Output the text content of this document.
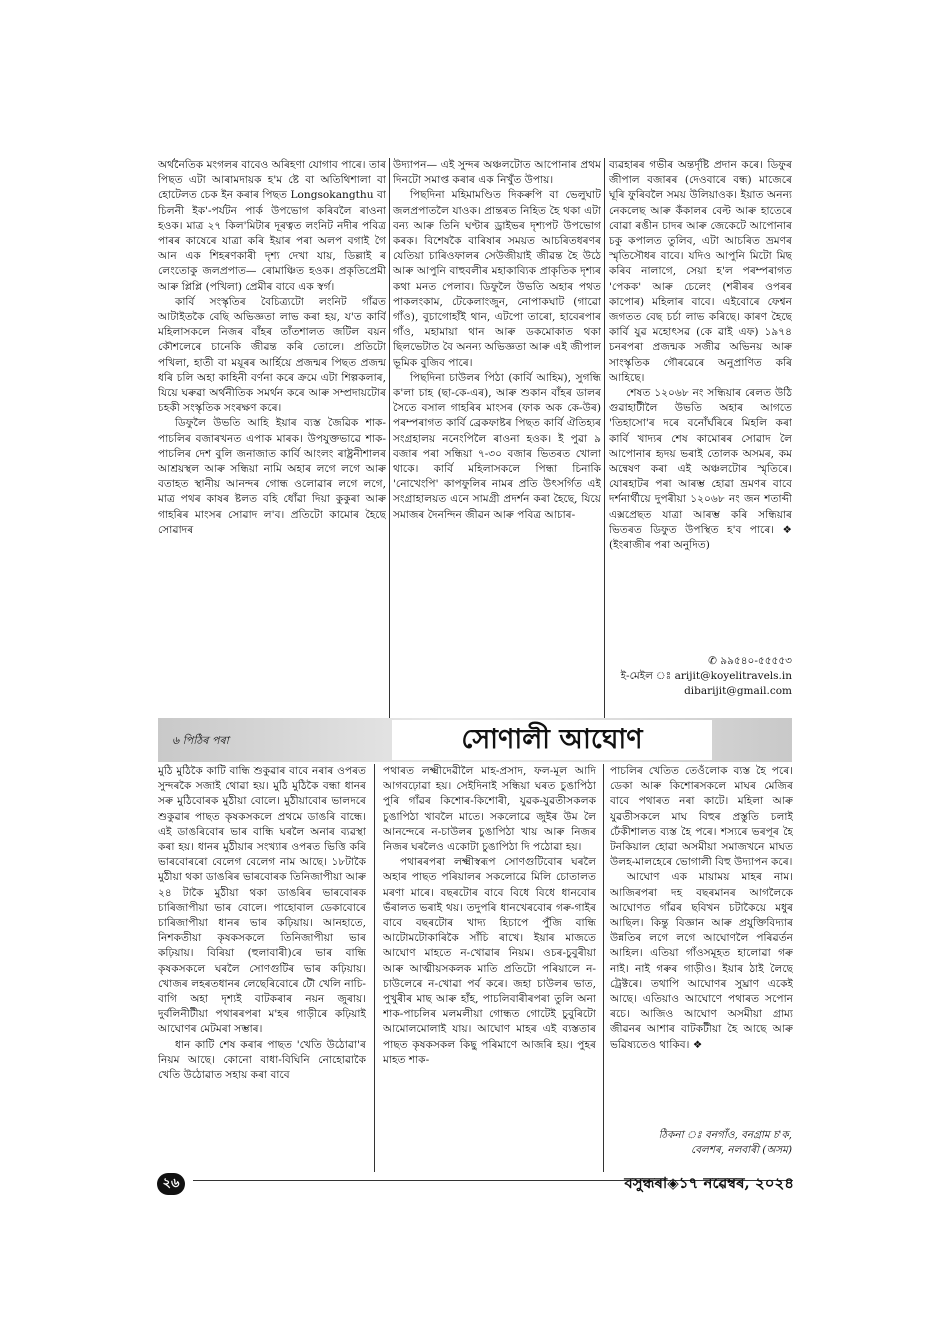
অৰ্থনৈতিক মংগলৰ বাবেও অৰিহণা যোগাব পাৰে। তাৰ পিছত এটা আৰামদায়ক হ'ম ষ্টে বা অতিথিশালা বা হোটেলত চেক ইন কৰাৰ পিছত Longsokangthu বা চিলনী ইক'-পৰ্যটন পাৰ্ক উপভোগ কৰিবলৈ ৰাওনা হওক। মাত্ৰ ২৭ কিল'মিটাৰ দূৰত্বত লংনিট নদীৰ পবিত্ৰ পাৰৰ কাষেৰে যাত্ৰা কৰি ইয়াৰ পৰা অলপ বগাই গৈ আন এক শিহৰণকাৰী দৃশ্য দেখা যায়, ডিল্লাই ৰ লেংতোকু জলপ্ৰপাত— ৰোমাঞ্চিত হওক। প্ৰকৃতিপ্ৰেমী আৰু প্লিপ্লি (পখিলা) প্ৰেমীৰ বাবে এক স্বৰ্গ।

কাৰ্বি সংস্কৃতিৰ বৈচিত্ৰ্যটো লংনিট গাঁৱত আটাইতকৈ বেছি অভিজ্ঞতা লাভ কৰা হয়, য'ত কাৰ্বি মহিলাসকলে নিজৰ বাঁহৰ তাঁতশালত জটিল বয়ন কৌশলেৰে চানেকি জীৱন্ত কৰি তোলে। প্ৰতিটো পখিলা, হাতী বা ময়ূৰৰ আৰ্হিয়ে প্ৰজন্মৰ পিছত প্ৰজন্ম ধৰি চলি অহা কাহিনী বৰ্ণনা কৰে ক্ৰমে এটা শিল্পকলাৰ, যিয়ে ঘৰুৱা অৰ্থনীতিক সমৰ্থন কৰে আৰু সম্প্ৰদায়টোৰ চহকী সংস্কৃতিক সংৰক্ষণ কৰে।

ডিফুলৈ উভতি আহি ইয়াৰ ব্যস্ত জৈৱিক শাক-পাচলিৰ বজাৰখনত এপাক মাৰক। উপযুক্তভাৱে শাক-পাচলিৰ দেশ বুলি জনাজাত কাৰ্বি আংলং ৰাষ্ট্ৰনীশালৰ আশ্ৰয়স্থল আৰু সন্ধিয়া নামি অহাৰ লগে লগে আৰু বতাহত স্থানীয় আনন্দৰ গোন্ধ ওলোৱাৰ লগে লগে, মাত্ৰ পথৰ কাষৰ ষ্টলত বহি ধোঁৱা দিয়া কুকুৰা আৰু গাহৰিৰ মাংসৰ সোৱাদ ল'ব। প্ৰতিটো কামোৰ হৈছে সোৱাদৰ

উদ্যাপন— এই সুন্দৰ অঞ্চলটোত আপোনাৰ প্ৰথম দিনটো সমাপ্ত কৰাৰ এক নিখুঁত উপায়।

পিছদিনা মহিমামণ্ডিত দিকৰুপি বা ভেলুঘাট জলপ্ৰপাতলৈ যাওক। প্ৰান্তৰত নিহিত হৈ থকা এটা বন্য আৰু তিনি ঘণ্টাৰ ড্ৰাইভৰ দৃশ্যপট উপভোগ কৰক। বিশেষকৈ বাৰিষাৰ সময়ত আচৰিতধৰণৰ যেতিয়া চাৰিওফালৰ সেউজীয়াই জীৱন্ত হৈ উঠে আৰু আপুনি বাহুবলীৰ মহাকাব্যিক প্ৰাকৃতিক দৃশ্যৰ কথা মনত পেলাব। ডিফুলৈ উভতি অহাৰ পথত পাকলংকাম, টেকেলাংজুন, নোপাকঘাট (গাৱো গাঁও), বুচাগোহাঁই থান, এটপো তাৰো, হাবেৰপাৰ গাঁও, মহামায়া থান আৰু ডকমোকাত থকা ছিলভেটাত বৈ অনন্য অভিজ্ঞতা আৰু এই জীপাল ভূমিক বুজিব পাৰে।

পিছদিনা চাউলৰ পিঠা (কাৰ্বি আহিম), সুগন্ধি ক'লা চাহ (ছা-কে-এৰ), আৰু শুকান বাঁহৰ ডালৰ সৈতে বসাল গাহৰিৰ মাংসৰ (ফাক অক কে-উৰ) পৰম্পৰাগত কাৰ্বি ব্ৰেকফাষ্টৰ পিছত কাৰ্বি ঐতিহ্যৰ সংগ্ৰহালয় ননেংপিলৈ ৰাওনা হওক। ই পুৱা ৯ বজাৰ পৰা সন্ধিয়া ৭-৩০ বজাৰ ভিতৰত খোলা থাকে। কাৰ্বি মহিলাসকলে পিন্ধা চিনাকি 'নোখেংপি' কাপফুলিৰ নামৰ প্ৰতি উৎসৰ্গিত এই সংগ্ৰাহালয়ত এনে সামগ্ৰী প্ৰদৰ্শন কৰা হৈছে, যিয়ে সমাজৰ দৈনন্দিন জীৱন আৰু পবিত্ৰ আচাৰ-

ব্যৱহাৰৰ গভীৰ অন্তৰ্দৃষ্টি প্ৰদান কৰে। ডিফুৰ জীপাল বজাৰৰ (দেওবাৰে বন্ধ) মাজেৰে ঘূৰি ফুৰিবলৈ সময় উলিয়াওক। ইয়াত অনন্য নেকলেছ আৰু কঁকালৰ বেল্ট আৰু হাতেৰে বোৱা ৰঙীন চাদৰ আৰু জেকেটে আপোনাৰ চকু কপালত তুলিব, এটা আচৰিত ভ্ৰমণৰ স্মৃতিসৌধৰ বাবে। যদিও আপুনি মিটো মিছ কৰিব নালাগে, সেয়া হ'ল পৰম্পৰাগত 'পেকক' আৰু চেলেং (শৰীৰৰ ওপৰৰ কাপোৰ) মহিলাৰ বাবে। এইবোৰে ফেশ্বন জগতত বেছ চৰ্চা লাভ কৰিছে। কাৰণ হৈছে কাৰ্বি যুৱ মহোৎসৱ (কে ৱাই এফ) ১৯৭৪ চনৰপৰা প্ৰজন্মক সজীৱ অভিনয় আৰু সাংস্কৃতিক গৌৰৱেৰে অনুপ্ৰাণিত কৰি আহিছে।

শেষত ১২০৬৮ নং সন্ধিয়াৰ ৰেলত উঠি গুৱাহাটীলৈ উভতি অহাৰ আগতে 'তিহাসো'ৰ দৰে বনোঁৰ্ঘৰিৰে মিহলি কৰা কাৰ্বি খাদ্যৰ শেষ কামোৰৰ সোৱাদ লৈ আপোনাৰ হৃদয় ভৰাই তোলক অসমৰ, কম অন্বেষণ কৰা এই অঞ্চলটোৰ স্মৃতিৰে। যোৰহাটৰ পৰা আৰম্ভ হোৱা ভ্ৰমণৰ বাবে দৰ্শনাৰ্থীয়ে দুপৰীয়া ১২০৬৮ নং জন শতাব্দী এক্সপ্ৰেছত যাত্ৰা আৰম্ভ কৰি সন্ধিয়াৰ ভিতৰত ডিফুত উপস্থিত হ'ব পাৰে। ❖ (ইংৰাজীৰ পৰা অনুদিত)

✆ ৯৯৫৪০-৫৫৫৫৩
ই-মেইল ঃ arijit@koyelitravels.in
dibarijit@gmail.com
৬ পিঠিৰ পৰা	সোণালী আঘোণ

মুঠি মুঠিকৈ কাটি বান্ধি শুকুৱাৰ বাবে নৰাৰ ওপৰত সুন্দৰকৈ সজাই থোৱা হয়। মুঠি মুঠিকৈ বন্ধা ধানৰ সৰু মুঠিবোৰক মুঠীয়া বোলে। মুঠীয়াবোৰ ভালদৰে শুকুৱাৰ পাছত কৃষকসকলে প্ৰথমে ডাঙৰি বান্ধে। এই ডাঙৰিবোৰ ভাৰ বান্ধি ঘৰলৈ অনাৰ ব্যৱস্থা কৰা হয়। ধানৰ মুঠীয়াৰ সংখ্যাৰ ওপৰত ভিত্তি কৰি ভাৰবোৰৰো বেলেগ বেলেগ নাম আছে। ১৮টাকৈ মুঠীয়া থকা ডাঙৰিৰ ভাৰবোৰক তিনিজাপীয়া আৰু ২৪ টাকৈ মুঠীয়া থকা ডাঙৰিৰ ভাৰবোৰক চাৰিজাপীয়া ভাৰ বোলে। পাহোবাল ডেকাবোৰে চাৰিজাপীয়া ধানৰ ভাৰ কঢ়িয়ায়। আনহাতে, নিশকতীয়া কৃষকসকলে তিনিজাপীয়া ভাৰ কঢ়িয়ায়। বিৰিয়া (হুলাবাৰী)ৰে ভাৰ বান্ধি কৃষকসকলে ঘৰলৈ সোণগুটিৰ ভাৰ কঢ়িয়ায়। খোজৰ লহৰতধানৰ লেছেৰিবোৰে টৌ খেলি নাচি-বাগি অহা দৃশ্যই বাটকৰাৰ নয়ন জুৰায়। দুৰ্বলিনীটীয়া পথাৰৰপৰা ম'হৰ গাড়ীৰে কঢ়িয়াই আঘোণৰ মেটমৰা সম্ভাৰ।

ধান কাটি শেষ কৰাৰ পাছত 'খেতি উঠোৱা'ৰ নিয়ম আছে। কোনো বাধা-বিঘিনি নোহোৱাকৈ খেতি উঠোৱাত সহায় কৰা বাবে

পথাৰত লক্ষ্মীদেৱীলৈ মাহ-প্ৰসাদ, ফল-মূল আদি আগবঢ়োৱা হয়। সেইদিনাই সন্ধিয়া ঘৰত চুঙাপিঠা পুৰি গাঁৱৰ কিশোৰ-কিশোৰী, যুৱক-যুৱতীসকলক চুঙাপিঠা খাবলৈ মাতে। সকলোৱে জুইৰ উম লৈ আনন্দেৰে ন-চাউলৰ চুঙাপিঠা খায় আৰু নিজৰ নিজৰ ঘৰলৈও একোটা চুঙাপিঠা দি পঠোৱা হয়।

পথাৰৰপৰা লক্ষ্মীস্বৰূপ সোণগুটিবোৰ ঘৰলৈ অহাৰ পাছত পৰিয়ালৰ সকলোৱে মিলি চোতালত মৰণা মাৰে। বছৰটোৰ বাবে বিধে বিধে ধানবোৰ ভঁৰালত ভৰাই থয়। তদুপৰি ধানখেৰবোৰ গৰু-গাইৰ বাবে বছৰটোৰ খাদ্য হিচাপে পুঁজি বান্ধি আটোমটোকাৰিকৈ সাঁচি ৰাখে। ইয়াৰ মাজতে আঘোণ মাহতে ন-খোৱাৰ নিয়ম। ওচৰ-চুবুৰীয়া আৰু আত্মীয়সকলক মাতি প্ৰতিটো পৰিয়ালে ন-চাউলেৰে ন-খোৱা পৰ্ব কৰে। জহা চাউলৰ ভাত, পুখুৰীৰ মাছ আৰু হাঁহ, পাচলিবাৰীৰপৰা তুলি অনা শাক-পাচলিৰ মলমলীয়া গোন্ধত গোটেই চুবুৰিটো আমোলমোলাই যায়। আঘোণ মাহৰ এই ব্যস্ততাৰ পাছত কৃষকসকল কিছু পৰিমাণে আজৰি হয়। পুহৰ মাহত শাক-

পাচলিৰ খেতিত তেওঁলোক ব্যস্ত হৈ পৰে। ডেকা আৰু কিশোৰসকলে মাঘৰ মেজিৰ বাবে পথাৰত নৰা কাটে। মহিলা আৰু যুৱতীসকলে মাঘ বিহুৰ প্ৰস্তুতি চলাই ঢেঁকীশালত ব্যস্ত হৈ পৰে। শস্যৰে ভৰপূৰ হৈ টনকিয়াল হোৱা অসমীয়া সমাজখনে মাঘত উলহ-মালহেৰে ভোগালী বিহু উদ্যাপন কৰে।

আঘোণ এক মায়াময় মাহৰ নাম। আজিৰপৰা দহ বছৰমানৰ আগলৈকে আঘোণত গাঁৱৰ ছবিখন চটাকৈয়ে মধুৰ আছিল। কিন্তু বিজ্ঞান আৰু প্ৰযুক্তিবিদ্যাৰ উন্নতিৰ লগে লগে আঘোণলৈ পৰিৱৰ্তন আহিল। এতিয়া গাঁওসমূহত হালোৱা গৰু নাই। নাই গৰুৰ গাড়ীও। ইয়াৰ ঠাই লৈছে ট্ৰেক্টৰে। তথাপি আঘোণৰ সুঘ্ৰাণ একেই আছে। এতিয়াও আঘোণে পথাৰত সপোন ৰচে। আজিও আঘোণ অসমীয়া গ্ৰাম্য জীৱনৰ আশাৰ বাটকটীয়া হৈ আছে আৰু ভৱিষ্যতেও থাকিব। ❖

ঠিকনা ঃ বনগাঁও, বনগ্ৰাম চ'ক,
বেলশৰ, নলবাৰী (অসম)
২৬	বসুন্ধৰা◈১৭ নৱেম্বৰ, ২০২৪
